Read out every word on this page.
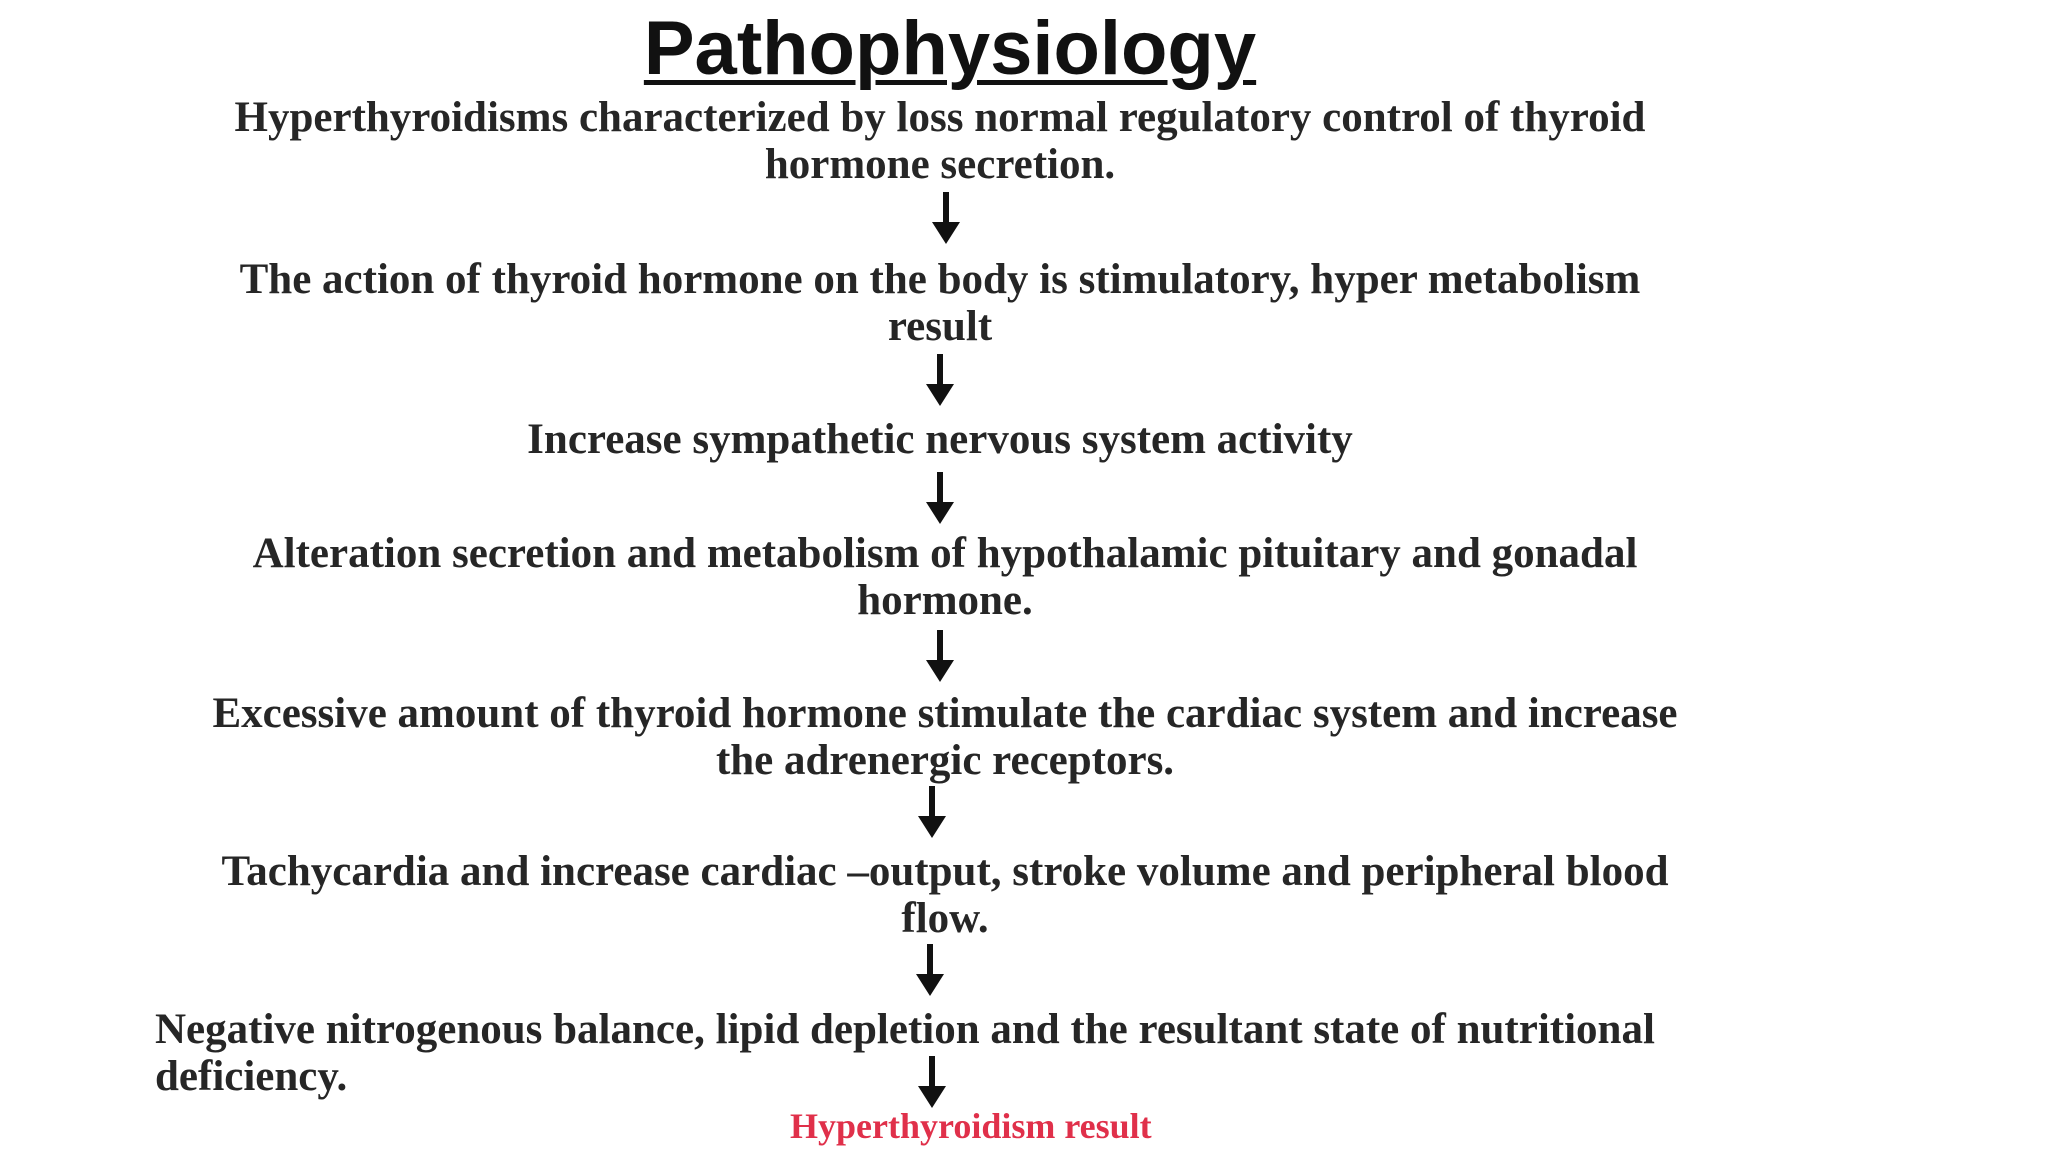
Pathophysiology
Hyperthyroidisms characterized by loss normal regulatory control of thyroid hormone secretion.
The action of thyroid hormone on the body is stimulatory, hyper metabolism result
Increase sympathetic nervous system activity
Alteration secretion and metabolism of hypothalamic pituitary and gonadal hormone.
Excessive amount of thyroid hormone stimulate the cardiac system and increase the adrenergic receptors.
Tachycardia and increase cardiac –output, stroke volume and peripheral blood flow.
Negative nitrogenous balance, lipid depletion and the resultant state of nutritional deficiency.
Hyperthyroidism result
